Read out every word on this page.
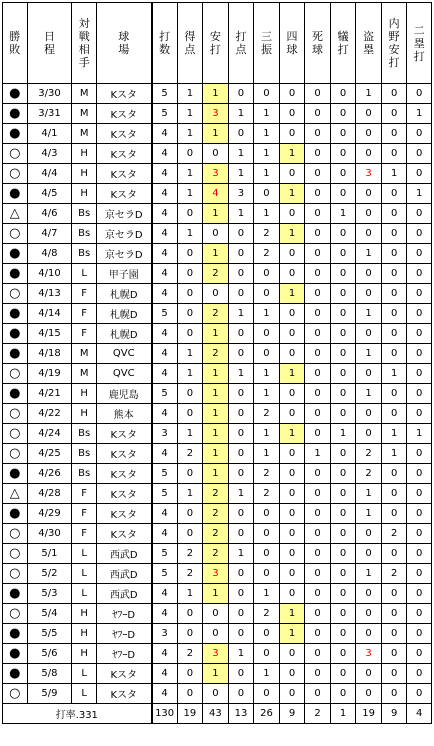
勝敗	日程	対戦相手	球場	打数	得点	安打	打点	三振	四球	死球	犠打	盗塁	内野安打	二塁打
●	3/30	M	Kスタ	5	1	1	0	0	0	0	0	1	0	0
●	3/31	M	Kスタ	5	1	3	1	1	0	0	0	0	0	1
●	4/1	M	Kスタ	4	1	1	0	1	0	0	0	0	0	0
○	4/3	H	Kスタ	4	0	0	1	1	1	0	0	0	0	0
○	4/4	H	Kスタ	4	1	3	1	1	0	0	0	3	1	0
●	4/5	H	Kスタ	4	1	4	3	0	1	0	0	0	0	1
△	4/6	Bs	京セラD	4	0	1	1	1	0	0	1	0	0	0
○	4/7	Bs	京セラD	4	1	0	0	2	1	0	0	0	0	0
●	4/8	Bs	京セラD	4	0	1	0	2	0	0	0	1	0	0
●	4/10	L	甲子園	4	0	2	0	0	0	0	0	0	0	0
○	4/13	F	札幌D	4	0	0	0	0	1	0	0	0	0	0
●	4/14	F	札幌D	5	0	2	1	1	0	0	0	1	0	0
●	4/15	F	札幌D	4	0	1	0	0	0	0	0	0	0	0
●	4/18	M	QVC	4	1	2	0	0	0	0	0	1	0	0
○	4/19	M	QVC	4	1	1	1	1	1	0	0	0	1	0
●	4/21	H	鹿児島	5	0	1	0	1	0	0	0	1	0	0
○	4/22	H	熊本	4	0	1	0	2	0	0	0	0	0	0
○	4/24	Bs	Kスタ	3	1	1	0	1	1	0	1	0	1	1
○	4/25	Bs	Kスタ	4	2	1	0	1	0	1	0	2	1	0
●	4/26	Bs	Kスタ	5	0	1	0	2	0	0	0	2	0	0
△	4/28	F	Kスタ	5	1	2	1	2	0	0	0	1	0	0
●	4/29	F	Kスタ	4	0	2	0	0	0	0	0	1	0	0
○	4/30	F	Kスタ	4	0	2	0	0	0	0	0	0	2	0
○	5/1	L	西武D	5	2	2	1	0	0	0	0	0	0	0
○	5/2	L	西武D	5	2	3	0	0	0	0	0	1	2	0
●	5/3	L	西武D	4	1	1	0	1	0	0	0	0	0	0
○	5/4	H	ﾔﾌｰD	4	0	0	0	2	1	0	0	0	0	0
●	5/5	H	ﾔﾌｰD	3	0	0	0	0	1	0	0	0	0	0
●	5/6	H	ﾔﾌｰD	4	2	3	1	0	0	0	0	3	0	0
●	5/8	L	Kスタ	4	0	1	0	1	0	0	0	0	0	0
○	5/9	L	Kスタ	4	0	0	0	0	0	0	0	0	0	0
打率.331				130	19	43	13	26	9	2	1	19	9	4
